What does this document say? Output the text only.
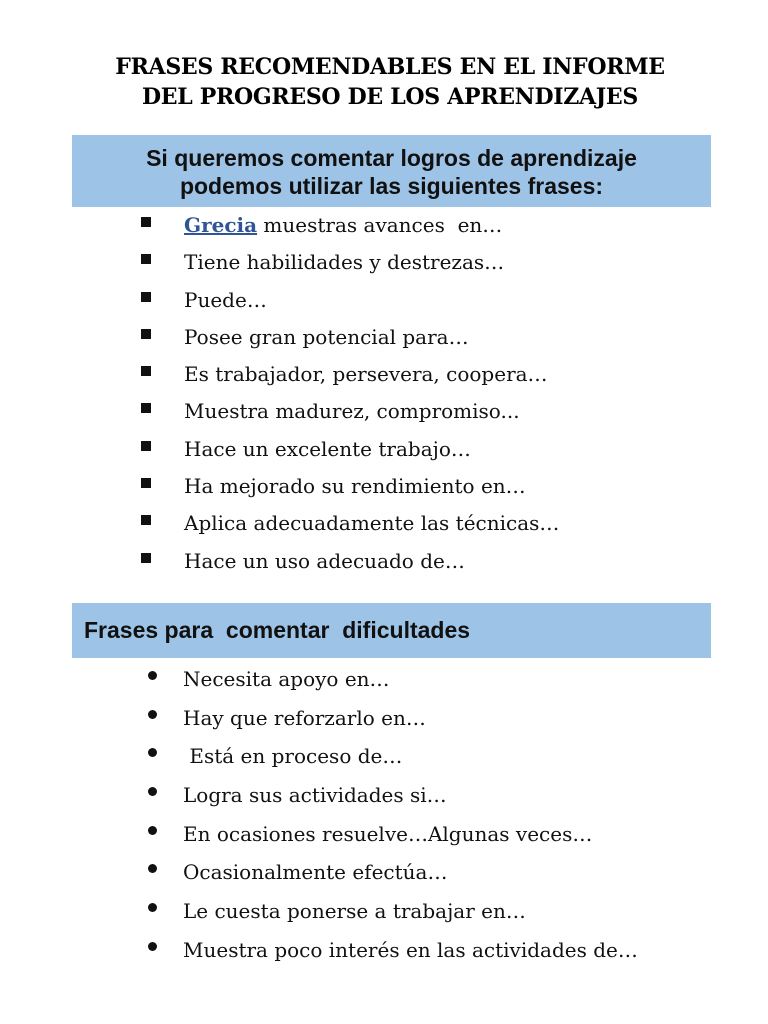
FRASES RECOMENDABLES EN EL INFORME
DEL PROGRESO DE LOS APRENDIZAJES
Si queremos comentar logros de aprendizaje
podemos utilizar las siguientes frases:
Grecia muestras avances  en…
Tiene habilidades y destrezas…
Puede…
Posee gran potencial para…
Es trabajador, persevera, coopera…
Muestra madurez, compromiso...
Hace un excelente trabajo…
Ha mejorado su rendimiento en…
Aplica adecuadamente las técnicas…
Hace un uso adecuado de…
Frases para  comentar  dificultades
Necesita apoyo en…
Hay que reforzarlo en…
Está en proceso de…
Logra sus actividades si…
En ocasiones resuelve…Algunas veces…
Ocasionalmente efectúa…
Le cuesta ponerse a trabajar en…
Muestra poco interés en las actividades de…
